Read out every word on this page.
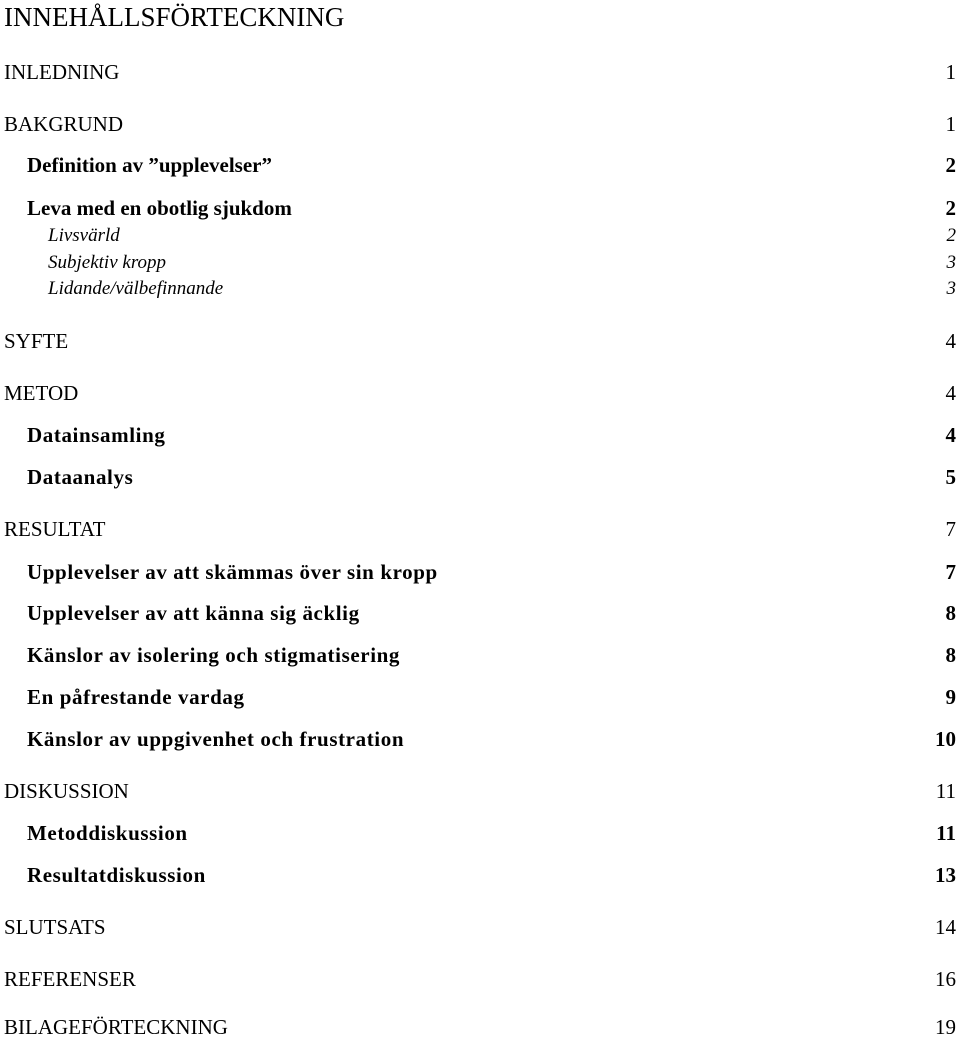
INNEHÅLLSFÖRTECKNING
INLEDNING	1
BAKGRUND	1
Definition av ”upplevelser”	2
Leva med en obotlig sjukdom	2
Livsvärld	2
Subjektiv kropp	3
Lidande/välbefinnande	3
SYFTE	4
METOD	4
Datainsamling	4
Dataanalys	5
RESULTAT	7
Upplevelser av att skämmas över sin kropp	7
Upplevelser av att känna sig äcklig	8
Känslor av isolering och stigmatisering	8
En påfrestande vardag	9
Känslor av uppgivenhet och frustration	10
DISKUSSION	11
Metoddiskussion	11
Resultatdiskussion	13
SLUTSATS	14
REFERENSER	16
BILAGEFÖRTECKNING	19
